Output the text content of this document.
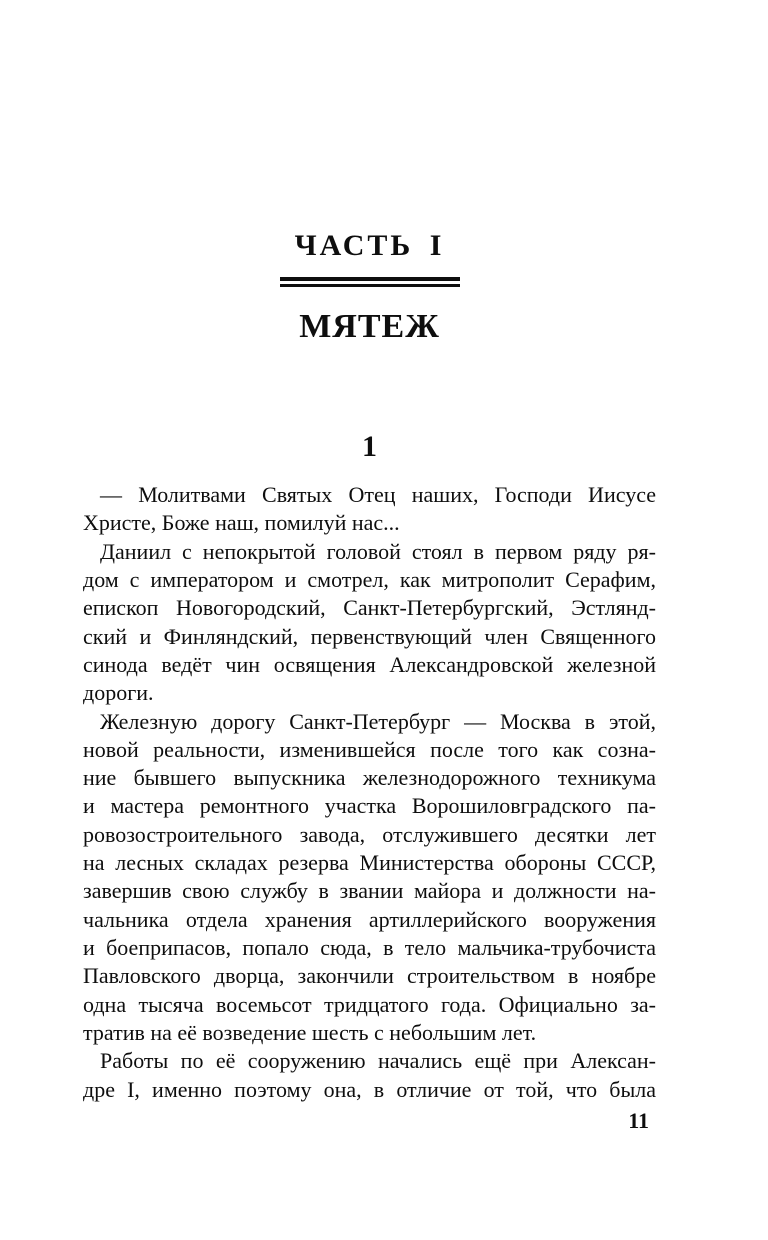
ЧАСТЬ I
МЯТЕЖ
1
— Молитвами Святых Отец наших, Господи Иисусе
Христе, Боже наш, помилуй нас...
Даниил с непокрытой головой стоял в первом ряду ря-
дом с императором и смотрел, как митрополит Серафим,
епископ Новогородский, Санкт-Петербургский, Эстлянд-
ский и Финляндский, первенствующий член Священного
синода ведёт чин освящения Александровской железной
дороги.
Железную дорогу Санкт-Петербург — Москва в этой,
новой реальности, изменившейся после того как созна-
ние бывшего выпускника железнодорожного техникума
и мастера ремонтного участка Ворошиловградского па-
ровозостроительного завода, отслужившего десятки лет
на лесных складах резерва Министерства обороны СССР,
завершив свою службу в звании майора и должности на-
чальника отдела хранения артиллерийского вооружения
и боеприпасов, попало сюда, в тело мальчика-трубочиста
Павловского дворца, закончили строительством в ноябре
одна тысяча восемьсот тридцатого года. Официально за-
тратив на её возведение шесть с небольшим лет.
Работы по её сооружению начались ещё при Алексан-
дре I, именно поэтому она, в отличие от той, что была
11
